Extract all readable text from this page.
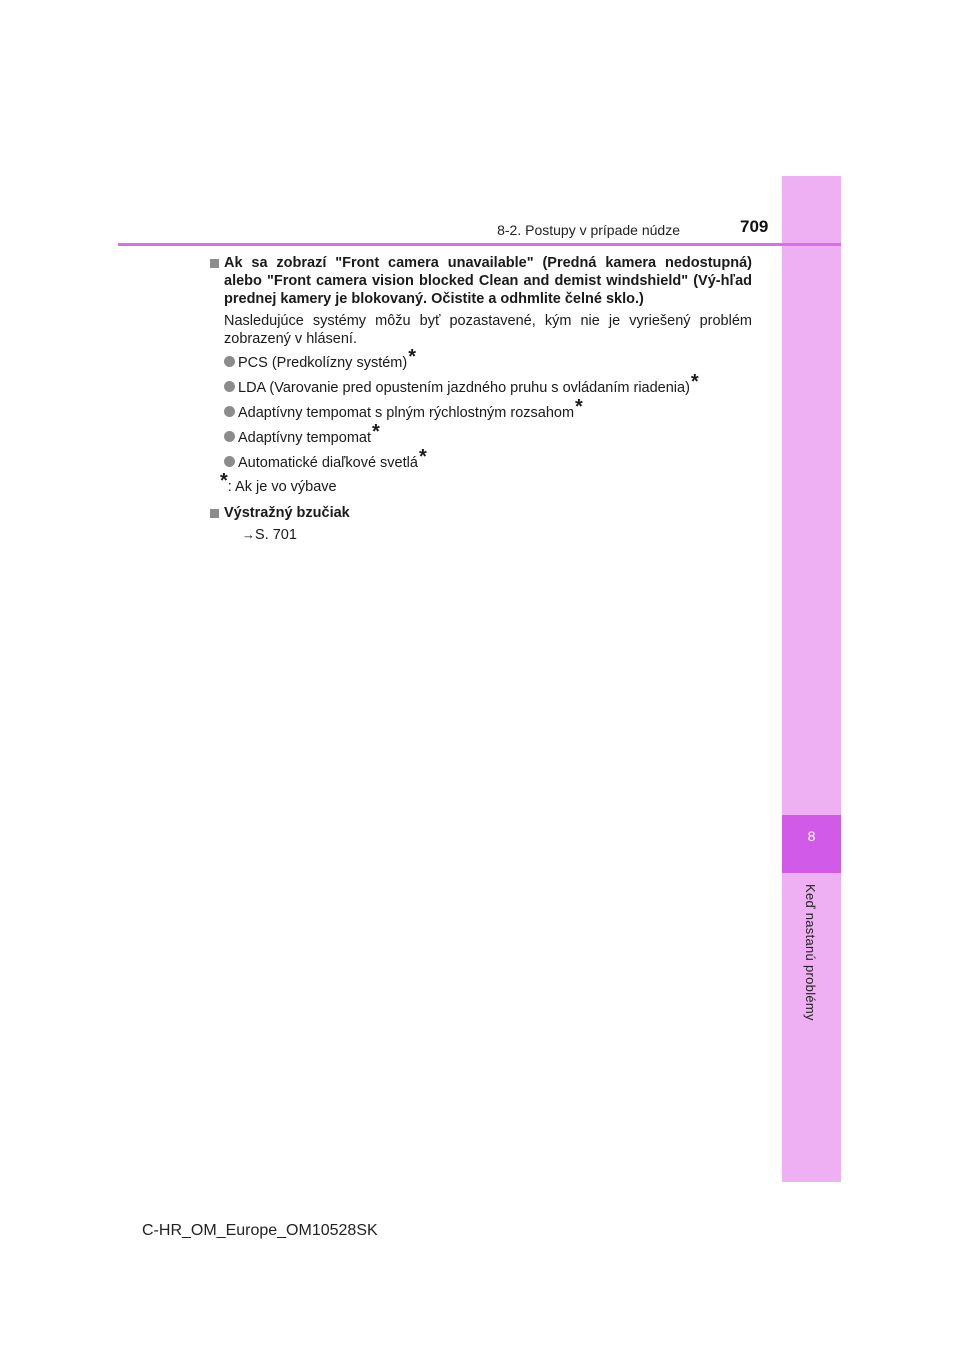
8
Keď nastanú problémy
8-2. Postupy v prípade núdze	709
Ak sa zobrazí "Front camera unavailable" (Predná kamera nedostupná) alebo "Front camera vision blocked Clean and demist windshield" (Vý-hľad prednej kamery je blokovaný. Očistite a odhmlite čelné sklo.)
Nasledujúce systémy môžu byť pozastavené, kým nie je vyriešený problém zobrazený v hlásení.
PCS (Predkolízny systém)*
LDA (Varovanie pred opustením jazdného pruhu s ovládaním riadenia)*
Adaptívny tempomat s plným rýchlostným rozsahom*
Adaptívny tempomat*
Automatické diaľkové svetlá*
*: Ak je vo výbave
Výstražný bzučiak
→S. 701
C-HR_OM_Europe_OM10528SK
